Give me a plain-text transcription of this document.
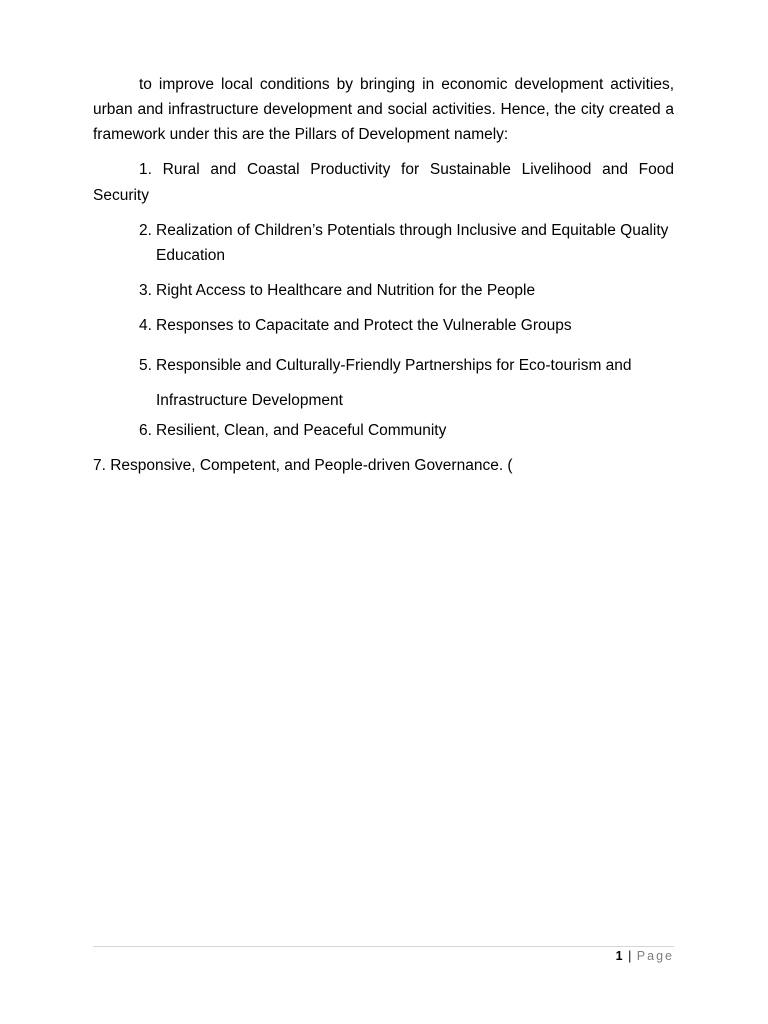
to improve local conditions by bringing in economic development activities, urban and infrastructure development and social activities. Hence, the city created a framework under this are the Pillars of Development namely:

1. Rural and Coastal Productivity for Sustainable Livelihood and Food Security

2. Realization of Children’s Potentials through Inclusive and Equitable Quality Education
3. Right Access to Healthcare and Nutrition for the People
4. Responses to Capacitate and Protect the Vulnerable Groups
5. Responsible and Culturally-Friendly Partnerships for Eco-tourism and Infrastructure Development
6. Resilient, Clean, and Peaceful Community

7. Responsive, Competent, and People-driven Governance. (

1 | Page
